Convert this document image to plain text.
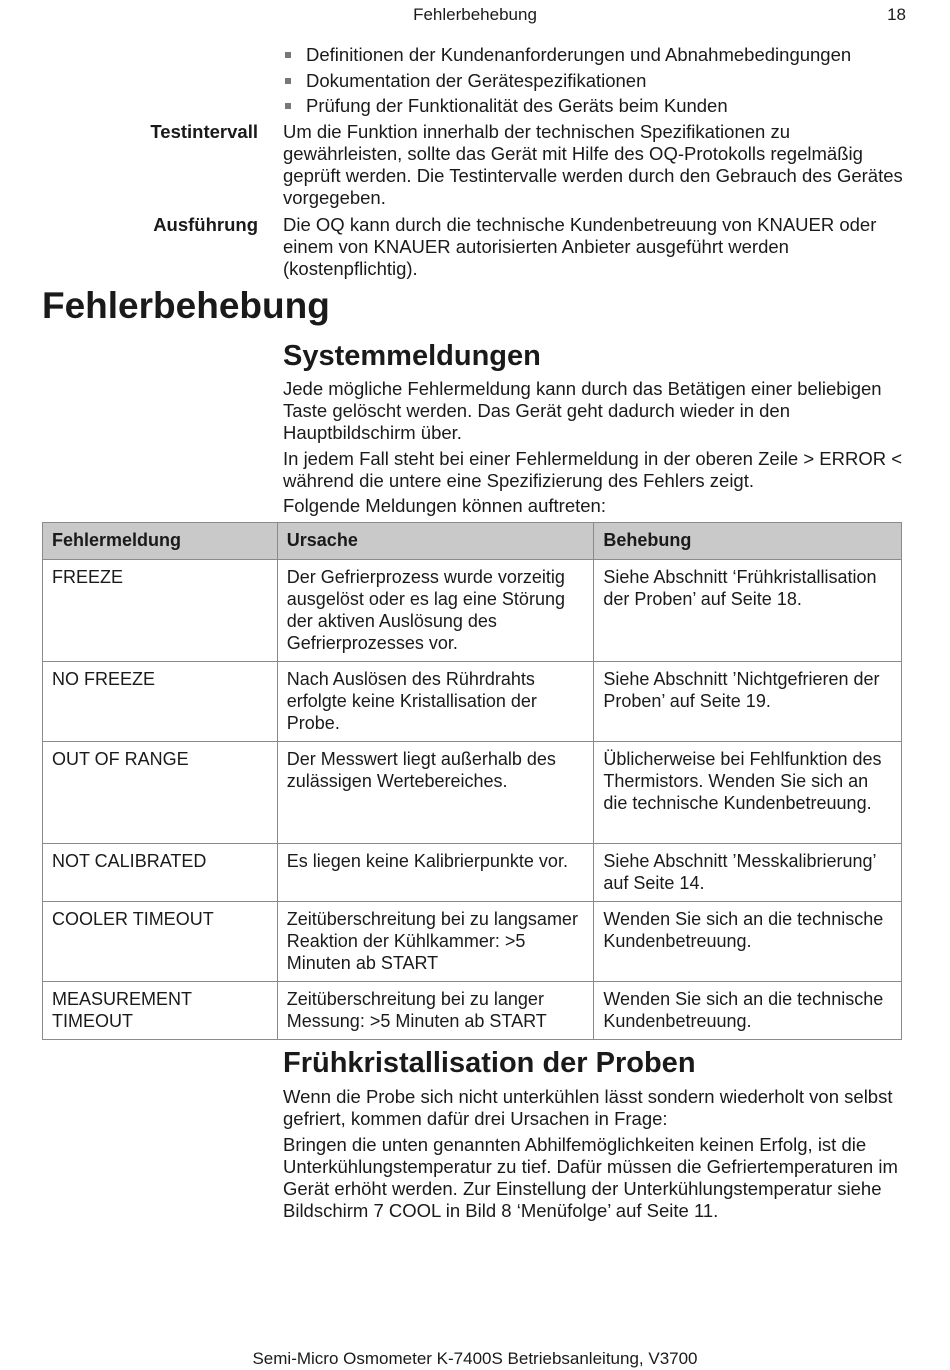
Fehlerbehebung	18
Definitionen der Kundenanforderungen und Abnahmebedingungen
Dokumentation der Gerätespezifikationen
Prüfung der Funktionalität des Geräts beim Kunden
Testintervall Um die Funktion innerhalb der technischen Spezifikationen zu gewährleisten, sollte das Gerät mit Hilfe des OQ-Protokolls regelmäßig geprüft werden. Die Testintervalle werden durch den Gebrauch des Gerätes vorgegeben.

Ausführung Die OQ kann durch die technische Kundenbetreuung von KNAUER oder einem von KNAUER autorisierten Anbieter ausgeführt werden (kostenpflichtig).

Fehlerbehebung
Systemmeldungen

Jede mögliche Fehlermeldung kann durch das Betätigen einer beliebigen Taste gelöscht werden. Das Gerät geht dadurch wieder in den Hauptbildschirm über.

In jedem Fall steht bei einer Fehlermeldung in der oberen Zeile > ERROR < während die untere eine Spezifizierung des Fehlers zeigt.

Folgende Meldungen können auftreten:

Fehlermeldung	Ursache	Behebung
FREEZE	Der Gefrierprozess wurde vorzeitig ausgelöst oder es lag eine Störung der aktiven Auslösung des Gefrierprozesses vor.	Siehe Abschnitt ‘Frühkristallisation der Proben’ auf Seite 18.
NO FREEZE	Nach Auslösen des Rührdrahts erfolgte keine Kristallisation der Probe.	Siehe Abschnitt ’Nichtgefrieren der Proben’ auf Seite 19.
OUT OF RANGE	Der Messwert liegt außerhalb des zulässigen Wertebereiches.	Üblicherweise bei Fehlfunktion des Thermistors. Wenden Sie sich an die technische Kundenbetreuung.
NOT CALIBRATED	Es liegen keine Kalibrierpunkte vor.	Siehe Abschnitt ’Messkalibrierung’ auf Seite 14.
COOLER TIMEOUT	Zeitüberschreitung bei zu langsamer Reaktion der Kühlkammer: >5 Minuten ab START	Wenden Sie sich an die technische Kundenbetreuung.
MEASUREMENT TIMEOUT	Zeitüberschreitung bei zu langer Messung: >5 Minuten ab START	Wenden Sie sich an die technische Kundenbetreuung.
Frühkristallisation der Proben

Wenn die Probe sich nicht unterkühlen lässt sondern wiederholt von selbst gefriert, kommen dafür drei Ursachen in Frage:

Bringen die unten genannten Abhilfemöglichkeiten keinen Erfolg, ist die Unterkühlungstemperatur zu tief. Dafür müssen die Gefriertemperaturen im Gerät erhöht werden. Zur Einstellung der Unterkühlungstemperatur siehe Bildschirm 7 COOL in Bild 8 ‘Menüfolge’ auf Seite 11.

Semi-Micro Osmometer K-7400S Betriebsanleitung, V3700
